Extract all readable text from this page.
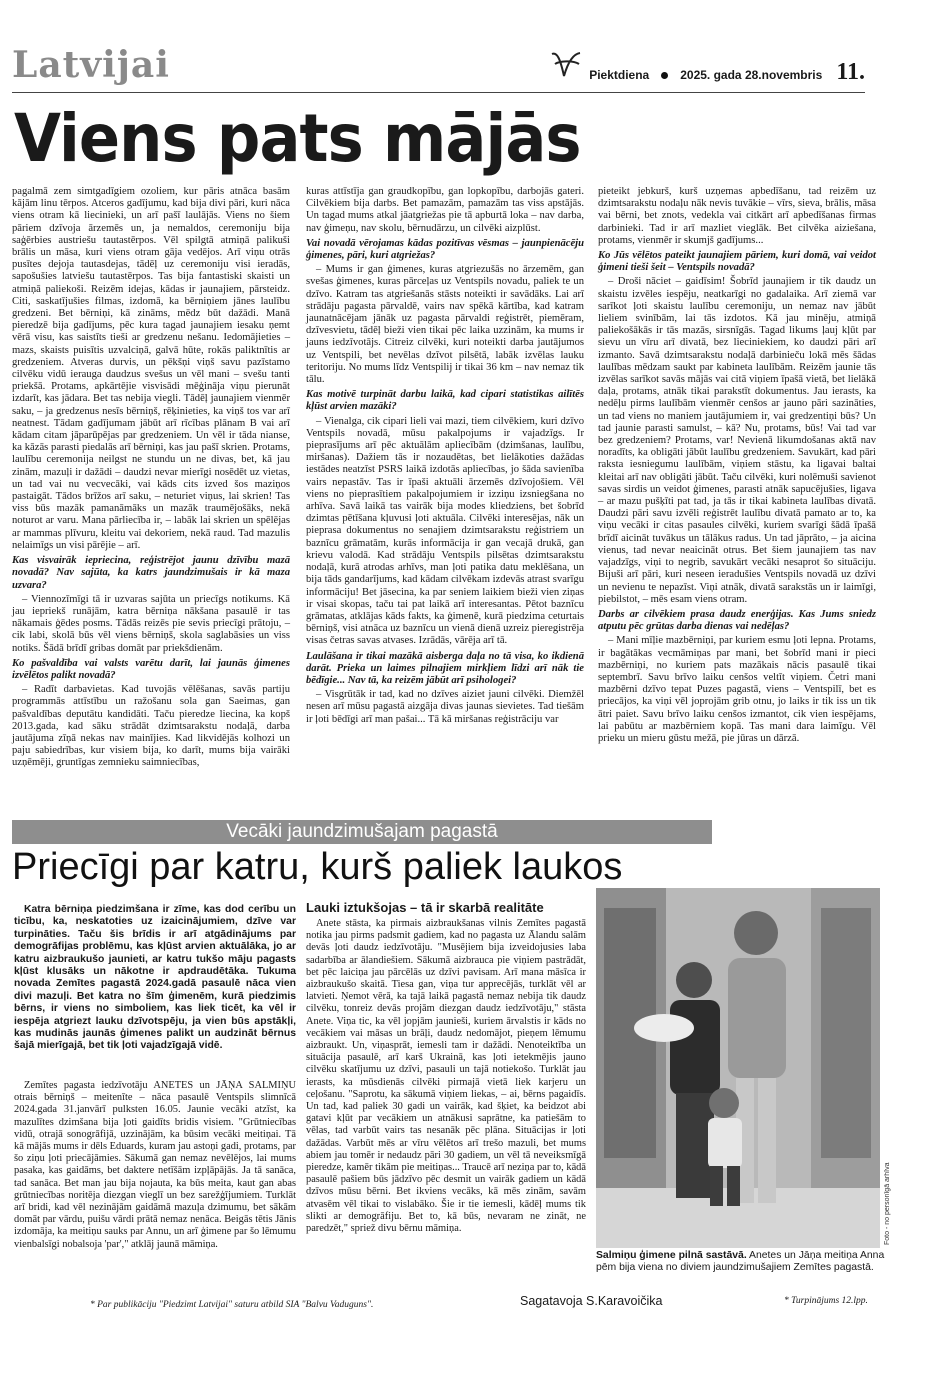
Latvijai	Piektdiena	2025. gada 28.novembris 11.
Viens pats mājās

pagalmā zem simtgadīgiem ozoliem, kur pāris atnāca basām kājām linu tērpos. Atceros gadījumu, kad bija divi pāri, kuri nāca viens otram kā liecinieki, un arī pašī laulājās. Viens no šiem pāriem dzīvoja ārzemēs un, ja nemaldos, ceremoniju bija saģērbies austriešu tautastērpos. Vēl spilgtā atmiņā palikuši brālis un māsa, kuri viens otram gāja vedējos. Arī viņu otrās pusītes dejoja tautasdejas, tādēļ uz ceremoniju visi ieradās, sapošušies latviešu tautastērpos. Tas bija fantastiski skaisti un atmiņā paliekoši. Reizēm idejas, kādas ir jaunajiem, pārsteidz. Citi, saskatījušies filmas, izdomā, ka bērniņiem jānes laulību gredzeni. Bet bērniņi, kā zināms, mēdz būt dažādi. Manā pieredzē bija gadījums, pēc kura tagad jaunajiem iesaku ņemt vērā visu, kas saistīts tieši ar gredzenu nešanu. Iedomājieties – mazs, skaists puisītis uzvalciņā, galvā hūte, rokās paliktnītis ar gredzeniem. Atveras durvis, un pēkšņi viņš savu pazīstamo cilvēku vidū ierauga daudzus svešus un vēl mani – svešu tanti priekšā. Protams, apkārtējie visvisādi mēģināja viņu pierunāt izdarīt, kas jādara. Bet tas nebija viegli. Tādēļ jaunajiem vienmēr saku, – ja gredzenus nesīs bērniņš, rēķinieties, ka viņš tos var arī neatnest. Tādam gadījumam jābūt arī rīcības plānam B vai arī kādam citam jāparūpējas par gredzeniem. Un vēl ir tāda nianse, ka kāzās parasti piedalās arī bērniņi, kas jau pašī skrien. Protams, laulību ceremonija neilgst ne stundu un ne divas, bet, kā jau zinām, mazuļi ir dažādi – daudzi nevar mierīgi nosēdēt uz vietas, un tad vai nu vecvecāki, vai kāds cits izved šos maziņos pastaigāt. Tādos brīžos arī saku, – neturiet viņus, lai skrien! Tas viss būs mazāk pamanāmāks un mazāk traumējošāks, nekā noturot ar varu. Mana pārliecība ir, – labāk lai skrien un spēlējas ar mammas plīvuru, kleitu vai dekoriem, nekā raud. Tad mazulis nelaimīgs un visi pārējie – arī.

Kas visvairāk iepriecina, reģistrējot jaunu dzīvību mazā novadā? Nav sajūta, ka katrs jaundzimušais ir kā maza uzvara?

– Viennozīmīgi tā ir uzvaras sajūta un priecīgs notikums. Kā jau iepriekš runājām, katra bērniņa nākšana pasaulē ir tas nākamais ģēdes posms. Tādās reizēs pie sevis priecīgi prātoju, – cik labi, skolā būs vēl viens bērniņš, skola saglabāsies un viss notiks. Šādā brīdī gribas domāt par priekšdienām.

Ko pašvaldība vai valsts varētu darīt, lai jaunās ģimenes izvēlētos palikt novadā?

– Radīt darbavietas. Kad tuvojās vēlēšanas, savās partiju programmās attīstību un ražošanu sola gan Saeimas, gan pašvaldības deputātu kandidāti. Taču pieredze liecina, ka kopš 2013.gada, kad sāku strādāt dzimtsarakstu nodaļā, darba jautājuma zīņā nekas nav mainījies. Kad likvidējās kolhozi un paju sabiedrības, kur visiem bija, ko darīt, mums bija vairāki uzņēmēji, gruntīgas zemnieku saimniecības,

kuras attīstīja gan graudkopību, gan lopkopību, darbojās gateri. Cilvēkiem bija darbs. Bet pamazām, pamazām tas viss apstājās. Un tagad mums atkal jāatgriežas pie tā apburtā loka – nav darba, nav ģimeņu, nav skolu, bērnudārzu, un cilvēki aizplūst.

Vai novadā vērojamas kādas pozitīvas vēsmas – jaunpienācēju ģimenes, pāri, kuri atgriežas?

– Mums ir gan ģimenes, kuras atgriezušās no ārzemēm, gan svešas ģimenes, kuras pārceļas uz Ventspils novadu, paliek te un dzīvo. Katram tas atgriešanās stāsts noteikti ir savādāks. Lai arī strādāju pagasta pārvaldē, vairs nav spēkā kārtība, kad katram jaunatnācējam jānāk uz pagasta pārvaldi reģistrēt, piemēram, dzīvesvietu, tādēļ bieži vien tikai pēc laika uzzinām, ka mums ir jauns iedzīvotājs. Citreiz cilvēki, kuri noteikti darba jautājumos uz Ventspili, bet nevēlas dzīvot pilsētā, labāk izvēlas lauku teritoriju. No mums līdz Ventspilij ir tikai 36 km – nav nemaz tik tālu.

Kas motivē turpināt darbu laikā, kad cipari statistikas ailītēs kļūst arvien mazāki?

– Vienalga, cik cipari lieli vai mazi, tiem cilvēkiem, kuri dzīvo Ventspils novadā, mūsu pakalpojums ir vajadzīgs. Ir pieprasījums arī pēc aktuālām apliecībām (dzimšanas, laulību, miršanas). Dažiem tās ir nozaudētas, bet lielākoties dažādas iestādes neatzīst PSRS laikā izdotās apliecības, jo šāda savienība vairs nepastāv. Tas ir īpaši aktuāli ārzemēs dzīvojošiem. Vēl viens no pieprasītiem pakalpojumiem ir izziņu izsniegšana no arhīva. Savā laikā tas vairāk bija modes kliedziens, bet šobrīd dzimtas pētīšana kļuvusi ļoti aktuāla. Cilvēki interesējas, nāk un pieprasa dokumentus no senajiem dzimtsarakstu reģistriem un baznīcu grāmatām, kurās informācija ir gan vecajā drukā, gan krievu valodā. Kad strādāju Ventspils pilsētas dzimtsarakstu nodaļā, kurā atrodas arhīvs, man ļoti patika datu meklēšana, un bija tāds gandarījums, kad kādam cilvēkam izdevās atrast svarīgu informāciju! Bet jāsecina, ka par seniem laikiem bieži vien ziņas ir visai skopas, taču tai pat laikā arī interesantas. Pētot baznīcu grāmatas, atklājas kāds fakts, ka ģimenē, kurā piedzima ceturtais bērniņš, visi atnāca uz baznīcu un vienā dienā uzreiz pieregistrēja visas četras savas atvases. Izrādās, vārēja arī tā.

Laulāšana ir tikai mazākā aisberga daļa no tā visa, ko ikdienā darāt. Prieka un laimes pilnajiem mirkļiem līdzi arī nāk tie bēdīgie... Nav tā, ka reizēm jābūt arī psihologei?

– Visgrūtāk ir tad, kad no dzīves aiziet jauni cilvēki. Diemžēl nesen arī mūsu pagastā aizgāja divas jaunas sievietes. Tad tiešām ir ļoti bēdīgi arī man pašai... Tā kā miršanas reģistrāciju var

pieteikt jebkurš, kurš uzņemas apbedīšanu, tad reizēm uz dzimtsarakstu nodaļu nāk nevis tuvākie – vīrs, sieva, brālis, māsa vai bērni, bet znots, vedekla vai citkārt arī apbedīšanas firmas darbinieki. Tad ir arī mazliet vieglāk. Bet cilvēka aiziešana, protams, vienmēr ir skumjš gadījums...

Ko Jūs vēlētos pateikt jaunajiem pāriem, kuri domā, vai veidot ģimeni tieši šeit – Ventspils novadā?

– Droši nāciet – gaidīsim! Šobrīd jaunajiem ir tik daudz un skaistu izvēles iespēju, neatkarīgi no gadalaika. Arī ziemā var sarīkot ļoti skaistu laulību ceremoniju, un nemaz nav jābūt lieliem svinībām, lai tās izdotos. Kā jau minēju, atmiņā paliekošākās ir tās mazās, sirsnīgās. Tagad likums ļauj kļūt par sievu un vīru arī divatā, bez lieciniekiem, ko daudzi pāri arī izmanto. Savā dzimtsarakstu nodaļā darbinieču lokā mēs šādas laulības mēdzam saukt par kabineta laulībām. Reizēm jaunie tās izvēlas sarīkot savās mājās vai citā viņiem īpašā vietā, bet lielākā daļa, protams, atnāk tikai parakstīt dokumentus. Jau ierasts, ka nedēļu pirms laulībām vienmēr cenšos ar jauno pāri sazināties, un tad viens no maniem jautājumiem ir, vai gredzentiņi būs? Un tad jaunie parasti samulst, – kā? Nu, protams, būs! Vai tad var bez gredzeniem? Protams, var! Nevienā likumdošanas aktā nav noradīts, ka obligāti jābūt laulību gredzeniem. Savukārt, kad pāri raksta iesniegumu laulībām, viņiem stāstu, ka ligavai baltai kleitai arī nav obligāti jābūt. Taču cilvēki, kuri nolēmuši savienot savas sirdis un veidot ģimenes, parasti atnāk sapucējušies, ligava – ar mazu pušķīti pat tad, ja tās ir tikai kabineta laulības divatā. Daudzi pāri savu izvēli reģistrēt laulību divatā pamato ar to, ka viņu vecāki ir citas pasaules cilvēki, kuriem svarīgi šādā īpašā brīdī aicināt tuvākus un tālākus radus. Un tad jāprāto, – ja aicina vienus, tad nevar neaicināt otrus. Bet šiem jaunajiem tas nav vajadzīgs, viņi to negrib, savukārt vecāki nesaprot šo situāciju. Bijuši arī pāri, kuri neseen ieradušies Ventspils novadā uz dzīvi un nevienu te nepazīst. Viņi atnāk, divatā sarakstās un ir laimīgi, piebilstot, – mēs esam viens otram.

Darbs ar cilvēkiem prasa daudz enerģijas. Kas Jums sniedz atputu pēc grūtas darba dienas vai nedēļas?

– Mani mīļie mazbērniņi, par kuriem esmu ļoti lepna. Protams, ir bagātākas vecmāmiņas par mani, bet šobrīd mani ir pieci mazbērniņi, no kuriem pats mazākais nācis pasaulē tikai septembrī. Savu brīvo laiku cenšos veltīt viņiem. Četri mani mazbērni dzīvo tepat Puzes pagastā, viens – Ventspilī, bet es priecājos, ka viņi vēl joprojām grib otnu, jo laiks ir tik iss un tik ātri paiet. Savu brīvo laiku cenšos izmantot, cik vien iespējams, lai pabūtu ar mazbērniem kopā. Tas mani dara laimīgu. Vēl prieku un mieru gūstu mežā, pie jūras un dārzā.

Vecāki jaundzimušajam pagastā
Priecīgi par katru, kurš paliek laukos

Katra bērniņa piedzimšana ir zīme, kas dod cerību un ticību, ka, neskatoties uz izaicinājumiem, dzīve var turpināties. Taču šis brīdis ir arī atgādinājums par demogrāfijas problēmu, kas kļūst arvien aktuālāka, jo ar katru aizbraukušo jaunieti, ar katru tukšo māju pagasts kļūst klusāks un nākotne ir apdraudētāka. Tukuma novada Zemītes pagastā 2024.gadā pasaulē nāca vien divi mazuļi. Bet katra no šīm ģimenēm, kurā piedzimis bērns, ir viens no simboliem, kas liek ticēt, ka vēl ir iespēja atgriezt lauku dzīvotspēju, ja vien būs apstākļi, kas mudinās jaunās ģimenes palikt un audzināt bērnus šajā mierīgajā, bet tik ļoti vajadzīgajā vidē.

Zemītes pagasta iedzīvotāju ANETES un JĀŅA SALMIŅU otrais bērniņš – meitenīte – nāca pasaulē Ventspils slimnīcā 2024.gada 31.janvārī pulksten 16.05. Jaunie vecāki atzīst, ka mazulītes dzimšana bija ļoti gaidīts bridis visiem. "Grūtniecības vidū, otrajā sonogrāfijā, uzzinājām, ka būsim vecāki meitiņai. Tā kā mājās mums ir dēls Eduards, kuram jau astoņi gadi, protams, par šo ziņu ļoti priecājāmies. Sākumā gan nemaz nevēlējos, lai mums pasaka, kas gaidāms, bet daktere netīšām izpļāpājās. Ja tā sanāca, tad sanāca. Bet man jau bija nojauta, ka būs meita, kaut gan abas grūtniecības noritēja diezgan vieglī un bez sarežģījumiem. Turklāt arī bridi, kad vēl nezinājām gaidāmā mazuļa dzimumu, bet sākām domāt par vārdu, puišu vārdi prātā nemaz nenāca. Beigās tētis Jānis izdomāja, ka meitiņu sauks par Annu, un arī ģimene par šo lēmumu vienbalsīgi nobalsoja 'par'," atklāj jaunā māmiņa.

Lauki iztukšojas – tā ir skarbā realitāte

Anete stāsta, ka pirmais aizbraukšanas vilnis Zemītes pagastā notika jau pirms padsmit gadiem, kad no pagasta uz Ālandu salām devās ļoti daudz iedzīvotāju. "Musējiem bija izveidojusies laba sadarbība ar ālandiešiem. Sākumā aizbrauca pie viņiem pastrādāt, bet pēc laiciņa jau pārcēlās uz dzīvi pavisam. Arī mana māsīca ir aizbraukušo skaitā. Tiesa gan, viņa tur apprecējās, turklāt vēl ar latvieti. Ņemot vērā, ka tajā laikā pagastā nemaz nebija tik daudz cilvēku, tonreiz devās projām diezgan daudz iedzīvotāju," stāsta Anete. Viņa tic, ka vēl jopjām jaunieši, kuriem ārvalstis ir kāds no vecākiem vai māsas un brāļi, daudz nedomājot, pieņem lēmumu aizbraukt. Un, viņasprāt, iemesli tam ir dažādi. Nenoteiktība un situācija pasaulē, arī karš Ukrainā, kas ļoti ietekmējis jauno cilvēku skatījumu uz dzīvi, pasauli un tajā notiekošo. Turklāt jau ierasts, ka mūsdienās cilvēki pirmajā vietā liek karjeru un ceļošanu. "Saprotu, ka sākumā viņiem liekas, – ai, bērns pagaidīs. Un tad, kad paliek 30 gadi un vairāk, kad šķiet, ka beidzot abi gatavi kļūt par vecākiem un atnākusi saprātne, ka patiešām to vēlas, tad varbūt vairs tas nesanāk pēc plāna. Situācijas ir ļoti dažādas. Varbūt mēs ar vīru vēlētos arī trešo mazuli, bet mums abiem jau tomēr ir nedaudz pāri 30 gadiem, un vēl tā neveiksmīgā pieredze, kamēr tikām pie meitiņas... Traucē arī neziņa par to, kādā pasaulē pašiem būs jādzīvo pēc desmit un vairāk gadiem un kādā dzīvos mūsu bērni. Bet ikviens vecāks, kā mēs zinām, savām atvasēm vēl tikai to vislabāko. Šie ir tie iemesli, kādēļ mums tik slikti ar demogrāfiju. Bet to, kā būs, nevaram ne zināt, ne paredzēt," spriež divu bērnu māmiņa.	Foto - no personīgā arhīva
Salmiņu ģimene pilnā sastāvā. Anetes un Jāņa meitiņa Anna pēm bija viena no diviem jaundzimušajiem Zemītes pagastā.
* Par publikāciju "Piedzimt Latvijai" saturu atbild SIA "Balvu Vaduguns".	Sagatavoja S.Karavoičika	* Turpinājums 12.lpp.
